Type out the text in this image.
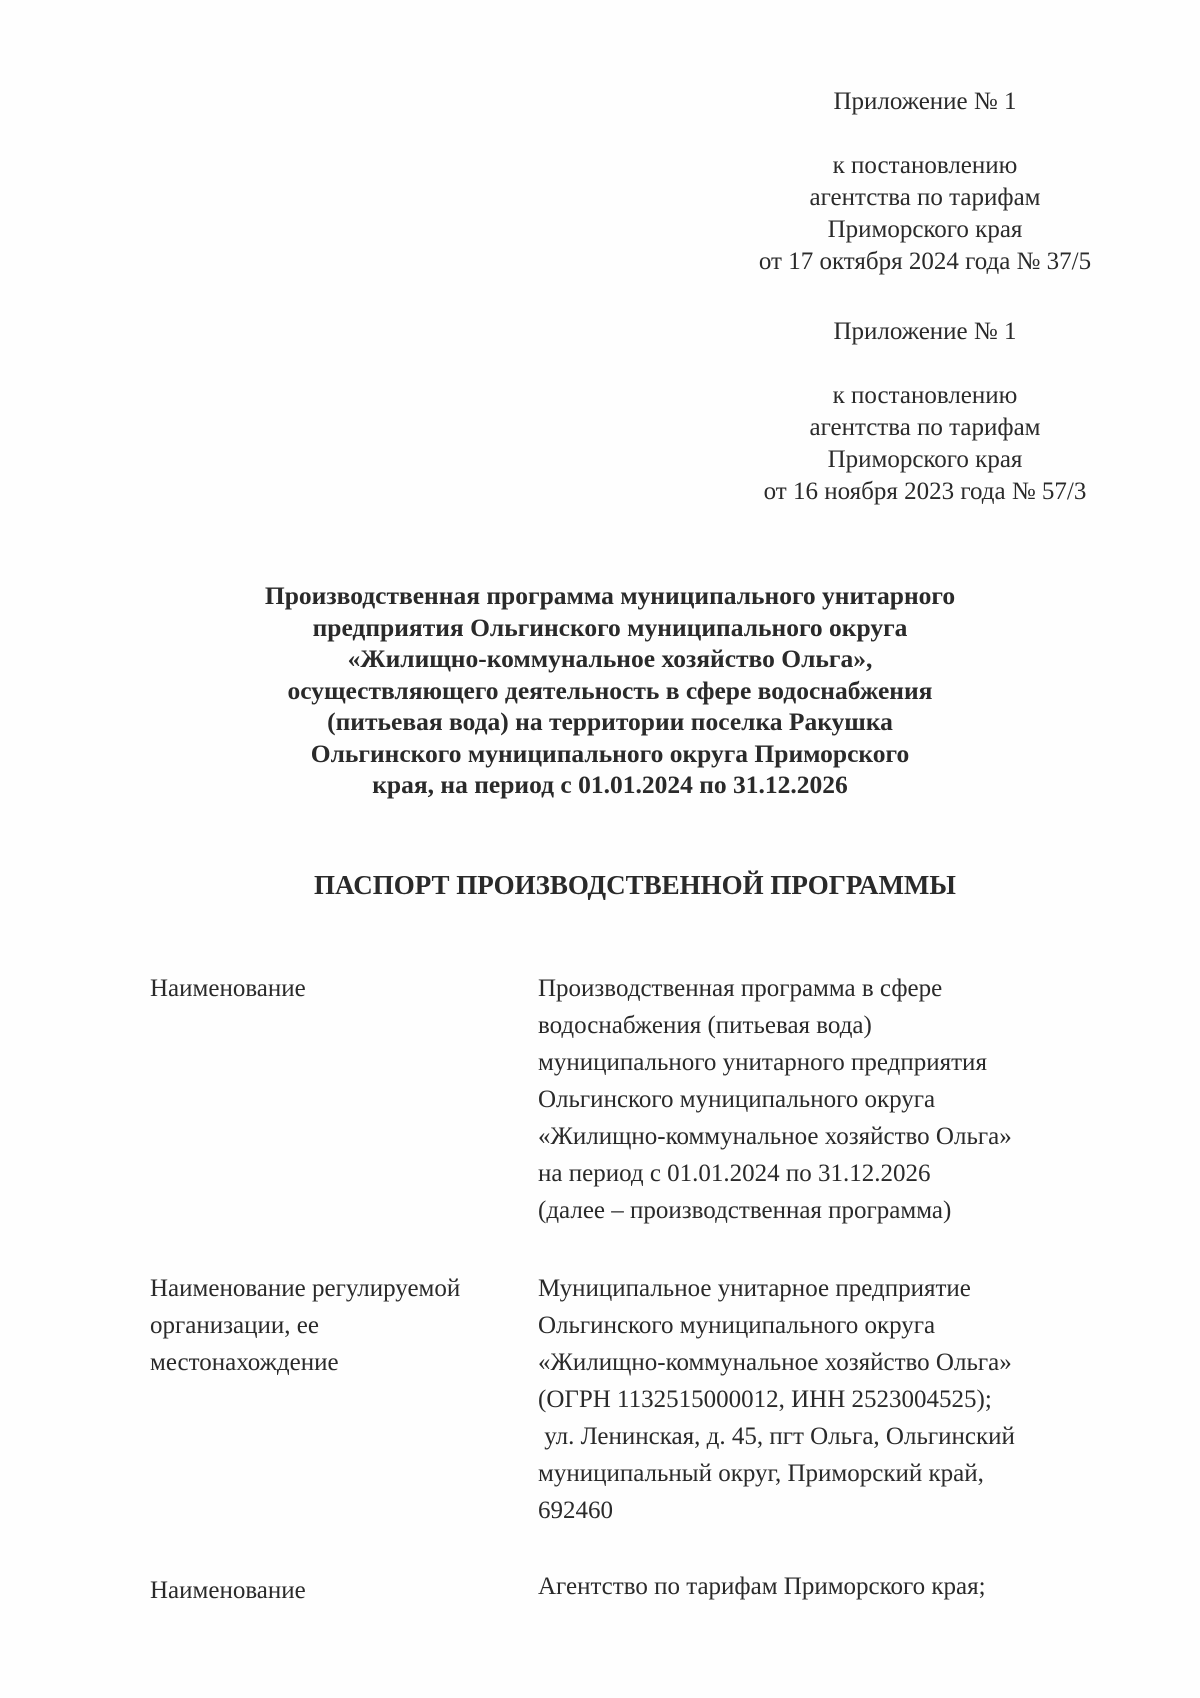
Приложение № 1
к постановлению
агентства по тарифам
Приморского края
от 17 октября 2024 года № 37/5
Приложение № 1
к постановлению
агентства по тарифам
Приморского края
от 16 ноября 2023 года № 57/3
Производственная программа муниципального унитарного
предприятия Ольгинского муниципального округа
«Жилищно-коммунальное хозяйство Ольга»,
осуществляющего деятельность в сфере водоснабжения
(питьевая вода) на территории поселка Ракушка
Ольгинского муниципального округа Приморского
края, на период с 01.01.2024 по 31.12.2026
ПАСПОРТ ПРОИЗВОДСТВЕННОЙ ПРОГРАММЫ
Наименование	Производственная программа в сфере
водоснабжения (питьевая вода)
муниципального унитарного предприятия
Ольгинского муниципального округа
«Жилищно-коммунальное хозяйство Ольга»
на период с 01.01.2024 по 31.12.2026
(далее – производственная программа)
Наименование регулируемой
организации, ее
местонахождение
Муниципальное унитарное предприятие
Ольгинского муниципального округа
«Жилищно-коммунальное хозяйство Ольга»
(ОГРН 1132515000012, ИНН 2523004525);
ул. Ленинская, д. 45, пгт Ольга, Ольгинский
муниципальный округ, Приморский край,
692460
Наименование	Агентство по тарифам Приморского края;
